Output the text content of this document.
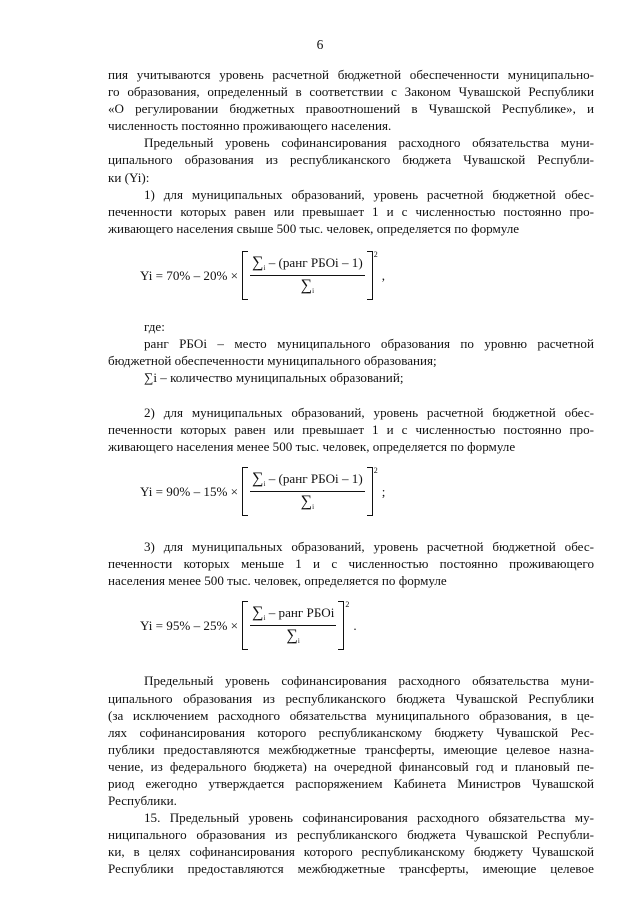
6
пия учитываются уровень расчетной бюджетной обеспеченности муниципально-
го образования, определенный в соответствии с Законом Чувашской Республики
«О регулировании бюджетных правоотношений в Чувашской Республике», и
численность постоянно проживающего населения.
Предельный уровень софинансирования расходного обязательства муни-
ципального образования из республиканского бюджета Чувашской Республи-
ки (Yi):
1) для муниципальных образований, уровень расчетной бюджетной обес-
печенности которых равен или превышает 1 и с численностью постоянно про-
живающего населения свыше 500 тыс. человек, определяется по формуле
$Yi = 70\% - 20\% \times \frac{\sum_i - (ранг РБОi - 1)}{\sum_i} 2$
,
где:
ранг РБОi – место муниципального образования по уровню расчетной
бюджетной обеспеченности муниципального образования;
∑i – количество муниципальных образований;
2) для муниципальных образований, уровень расчетной бюджетной обес-
печенности которых равен или превышает 1 и с численностью постоянно про-
живающего населения менее 500 тыс. человек, определяется по формуле
$Yi = 90\% - 15\% \times \frac{\sum_i - (ранг РБОi - 1)}{\sum_i} 2$
;
3) для муниципальных образований, уровень расчетной бюджетной обес-
печенности которых меньше 1 и с численностью постоянно проживающего
населения менее 500 тыс. человек, определяется по формуле
$Yi = 95\% - 25\% \times \frac{\sum_i - ранг РБОi}{\sum_i} 2$
.
Предельный уровень софинансирования расходного обязательства муни-
ципального образования из республиканского бюджета Чувашской Республики
(за исключением расходного обязательства муниципального образования, в це-
лях софинансирования которого республиканскому бюджету Чувашской Рес-
публики предоставляются межбюджетные трансферты, имеющие целевое назна-
чение, из федерального бюджета) на очередной финансовый год и плановый пе-
риод ежегодно утверждается распоряжением Кабинета Министров Чувашской
Республики.
15. Предельный уровень софинансирования расходного обязательства му-
ниципального образования из республиканского бюджета Чувашской Республи-
ки, в целях софинансирования которого республиканскому бюджету Чувашской
Республики предоставляются межбюджетные трансферты, имеющие целевое
